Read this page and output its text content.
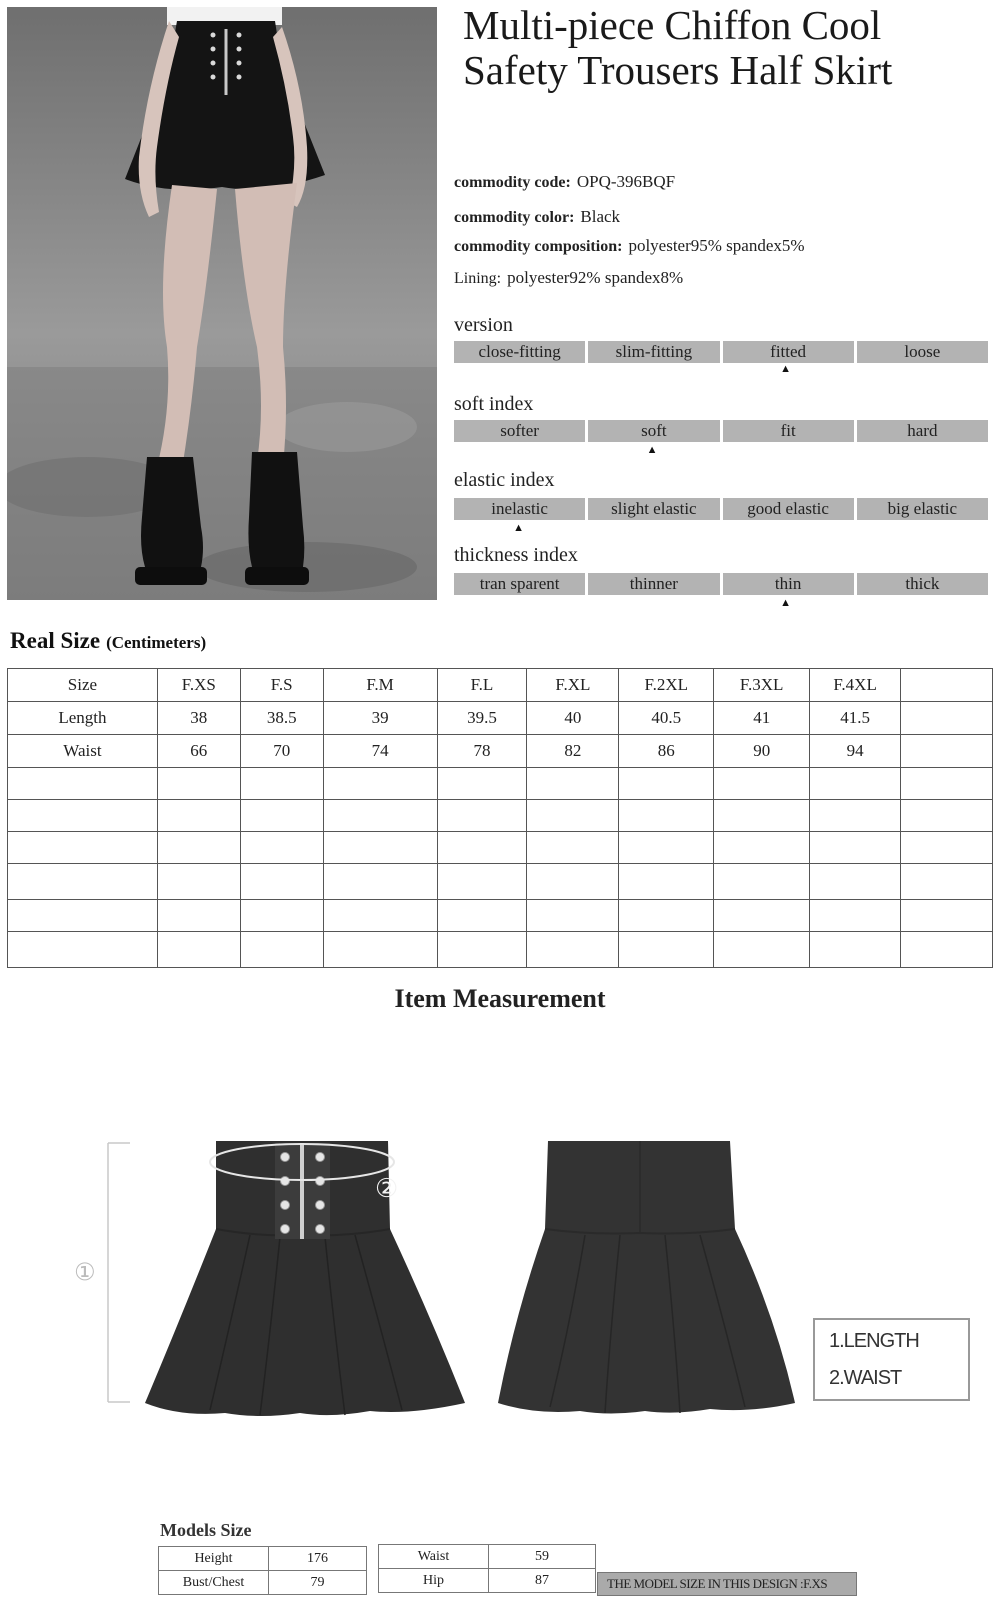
Multi-piece Chiffon Cool
Safety Trousers Half Skirt
commodity code: OPQ-396BQF
commodity color: Black
commodity composition: polyester95% spandex5%
Lining: polyester92% spandex8%
version
close-fitting	slim-fitting	fitted	loose
▲
soft index
softer	soft	fit	hard
▲
elastic index
inelastic	slight elastic	good elastic	big elastic
▲
thickness index
tran sparent	thinner	thin	thick
▲
Real Size (Centimeters)
Size	F.XS	F.S	F.M	F.L	F.XL	F.2XL	F.3XL	F.4XL	
Length	38	38.5	39	39.5	40	40.5	41	41.5	
Waist	66	70	74	78	82	86	90	94	

Item Measurement
①
②
1.LENGTH
2.WAIST
Models Size
Height	176
Bust/Chest	79
Waist	59
Hip	87	THE MODEL SIZE IN THIS DESIGN :F.XS
